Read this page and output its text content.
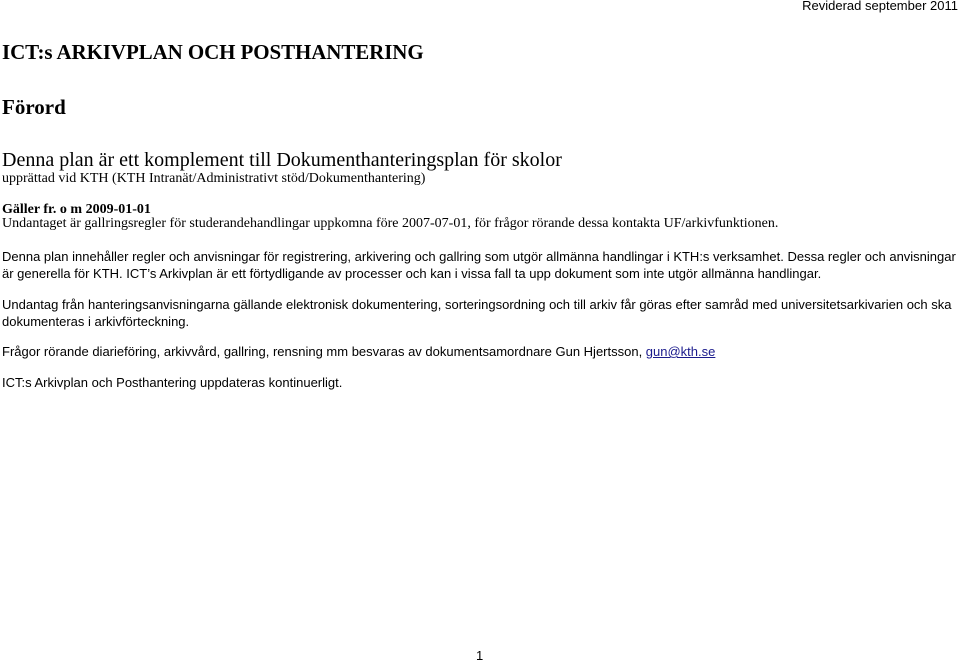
Reviderad september 2011
ICT:s ARKIVPLAN OCH POSTHANTERING
Förord
Denna plan är ett komplement till Dokumenthanteringsplan för skolor
upprättad vid KTH (KTH Intranät/Administrativt stöd/Dokumenthantering)
Gäller fr. o m 2009-01-01
Undantaget är gallringsregler för studerandehandlingar uppkomna före 2007-07-01, för frågor rörande dessa kontakta UF/arkivfunktionen.
Denna plan innehåller regler och anvisningar för registrering, arkivering och gallring som utgör allmänna handlingar i KTH:s verksamhet. Dessa regler och anvisningar är generella för KTH. ICT’s Arkivplan är ett förtydligande av processer och kan i vissa fall ta upp dokument som inte utgör allmänna handlingar.
Undantag från hanteringsanvisningarna gällande elektronisk dokumentering, sorteringsordning och till arkiv får göras efter samråd med universitetsarkivarien och ska dokumenteras i arkivförteckning.
Frågor rörande diarieföring, arkivvård, gallring, rensning mm besvaras av dokumentsamordnare Gun Hjertsson, gun@kth.se
ICT:s Arkivplan och Posthantering uppdateras kontinuerligt.
1
